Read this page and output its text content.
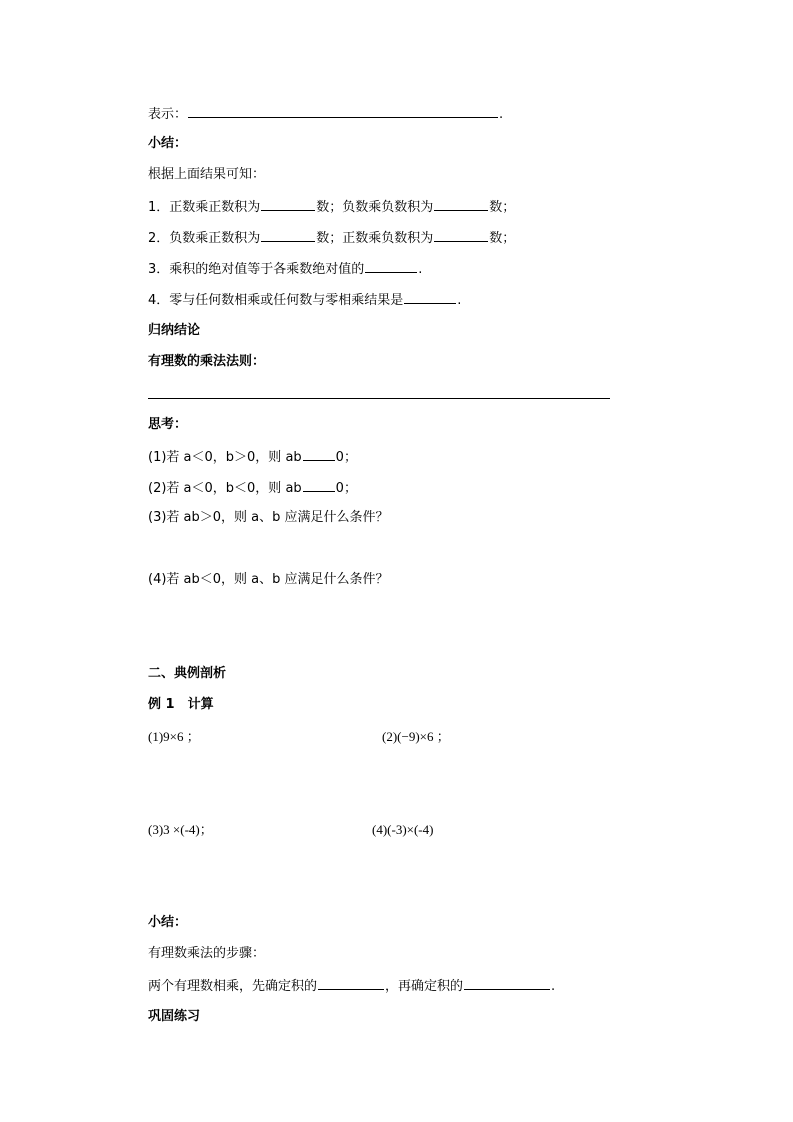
表示：	.
小结：
根据上面结果可知：
1．正数乘正数积为	数；负数乘负数积为	数；
2．负数乘正数积为	数；正数乘负数积为	数；
3．乘积的绝对值等于各乘数绝对值的	.
4．零与任何数相乘或任何数与零相乘结果是	.
归纳结论
有理数的乘法法则：
思考：
(1)若 a＜0，b＞0，则 ab	0；
(2)若 a＜0，b＜0，则 ab	0；
(3)若 ab＞0，则 a、b 应满足什么条件？
(4)若 ab＜0，则 a、b 应满足什么条件？
二、典例剖析
例 1　计算
(1)9×6 ；	(2)(−9)×6 ；
(3)3 ×(-4)；	(4)(-3)×(-4)
小结：
有理数乘法的步骤：
两个有理数相乘，先确定积的	，再确定积的	.
巩固练习
